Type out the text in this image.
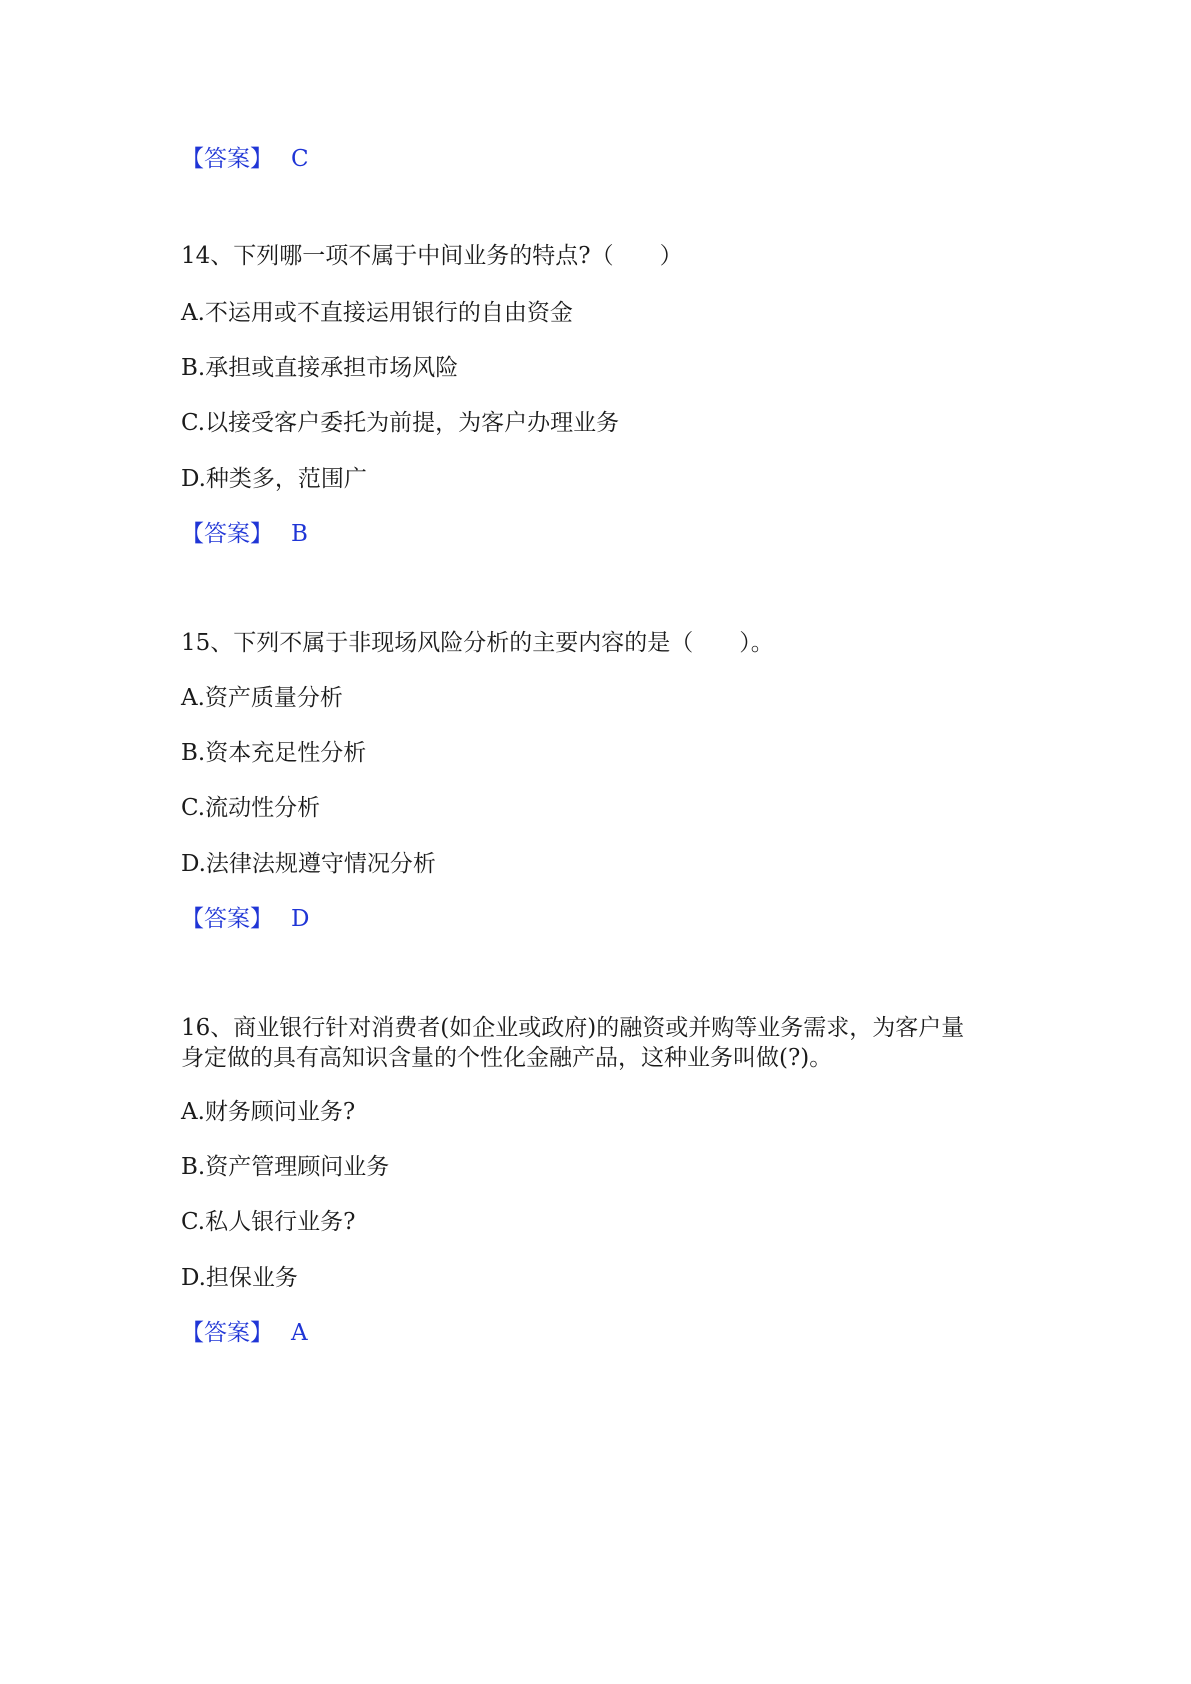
【答案】 C
14、下列哪一项不属于中间业务的特点?（　　）
A.不运用或不直接运用银行的自由资金
B.承担或直接承担市场风险
C.以接受客户委托为前提，为客户办理业务
D.种类多，范围广
【答案】 B
15、下列不属于非现场风险分析的主要内容的是（　　）。
A.资产质量分析
B.资本充足性分析
C.流动性分析
D.法律法规遵守情况分析
【答案】 D
16、商业银行针对消费者(如企业或政府)的融资或并购等业务需求，为客户量
身定做的具有高知识含量的个性化金融产品，这种业务叫做(?)。
A.财务顾问业务?
B.资产管理顾问业务
C.私人银行业务?
D.担保业务
【答案】 A
